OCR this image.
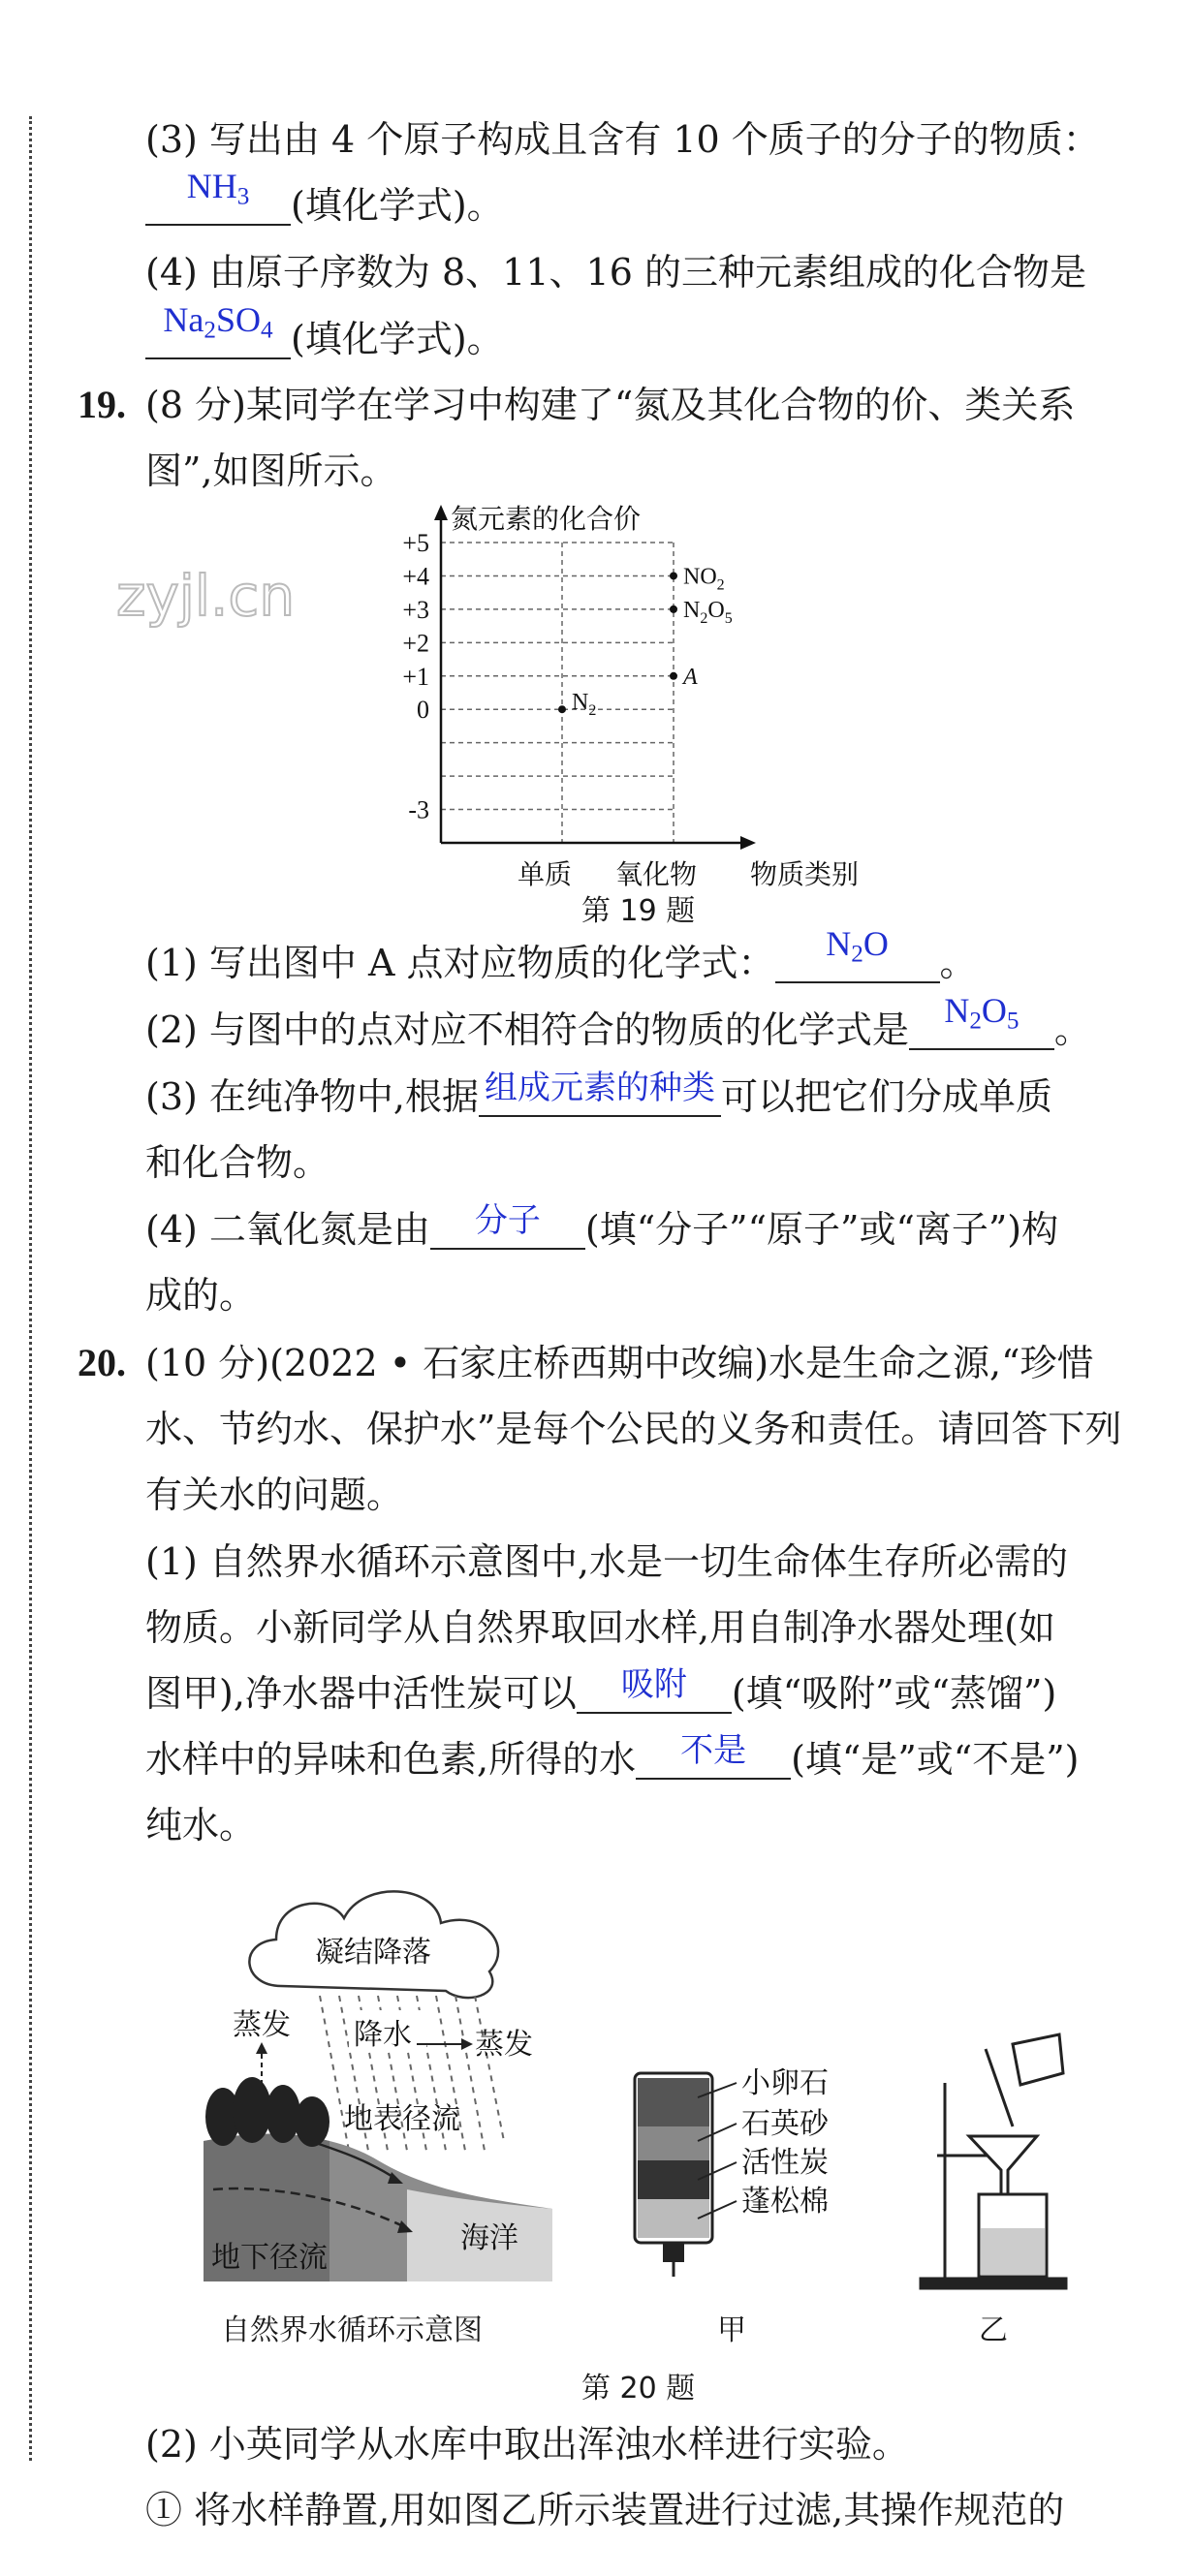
(3) 写出由 4 个原子构成且含有 10 个质子的分子的物质：
$NH_3$	(填化学式)。
(4) 由原子序数为 8、11、16 的三种元素组成的化合物是
$Na_2SO_4$ (填化学式)。
19. (8 分)某同学在学习中构建了“氮及其化合物的价、类关系
图”,如图所示。
氮元素的化合价
+5
+4
+3
+2
+1
0
-3
单质 氧化物 物质类别
$N_2$
$NO_2$
$N_2O_5$
A
zyjl.cn
第 19 题
(1) 写出图中 A 点对应物质的化学式：	$N_2O$	。
(2) 与图中的点对应不相符合的物质的化学式是	$N_2O_5$ 。
(3) 在纯净物中,根据 组成元素的种类 可以把它们分成单质
和化合物。
(4) 二氧化氮是由	分子	(填“分子”“原子”或“离子”)构
成的。
20. (10 分)(2022 • 石家庄桥西期中改编)水是生命之源,“珍惜
水、节约水、保护水”是每个公民的义务和责任。请回答下列
有关水的问题。
(1) 自然界水循环示意图中,水是一切生命体生存所必需的
物质。小新同学从自然界取回水样,用自制净水器处理(如
图甲),净水器中活性炭可以	吸附	(填“吸附”或“蒸馏”)
水样中的异味和色素,所得的水	不是	(填“是”或“不是”)
纯水。
凝结降落
降水
蒸发
蒸发
地表径流
海洋
地下径流
自然界水循环示意图
小卵石
石英砂
活性炭
蓬松棉
甲	乙
第 20 题
(2) 小英同学从水库中取出浑浊水样进行实验。
① 将水样静置,用如图乙所示装置进行过滤,其操作规范的
